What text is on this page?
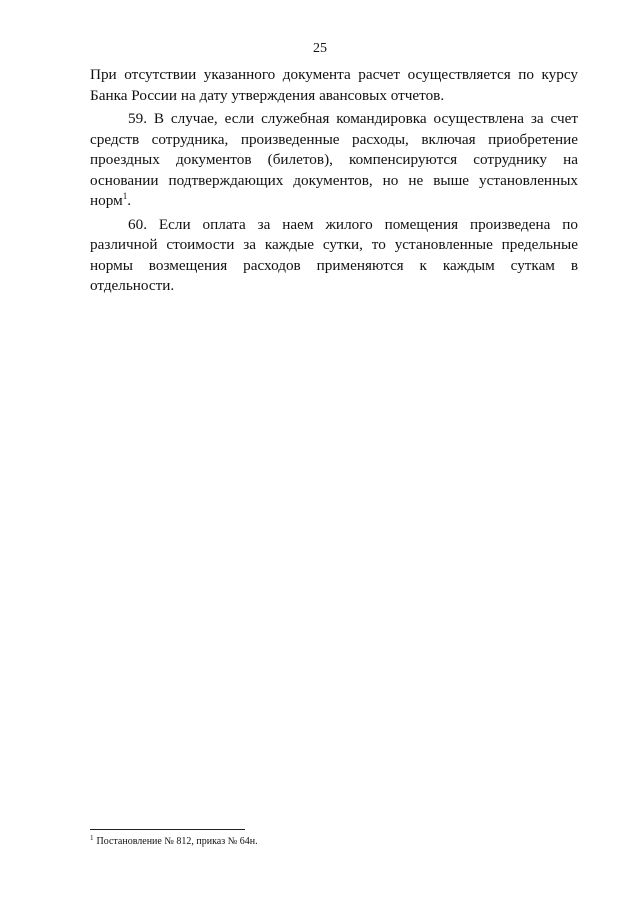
25

При отсутствии указанного документа расчет осуществляется по курсу

Банка России на дату утверждения авансовых отчетов.

59. В случае, если служебная командировка осуществлена за счет средств сотрудника, произведенные расходы, включая приобретение проездных документов (билетов), компенсируются сотруднику на основании подтверждающих документов, но не выше установленных норм$^1$.

60. Если оплата за наем жилого помещения произведена по различной стоимости за каждые сутки, то установленные предельные нормы возмещения расходов применяются к каждым суткам в отдельности.

$^1$ Постановление № 812, приказ № 64н.
